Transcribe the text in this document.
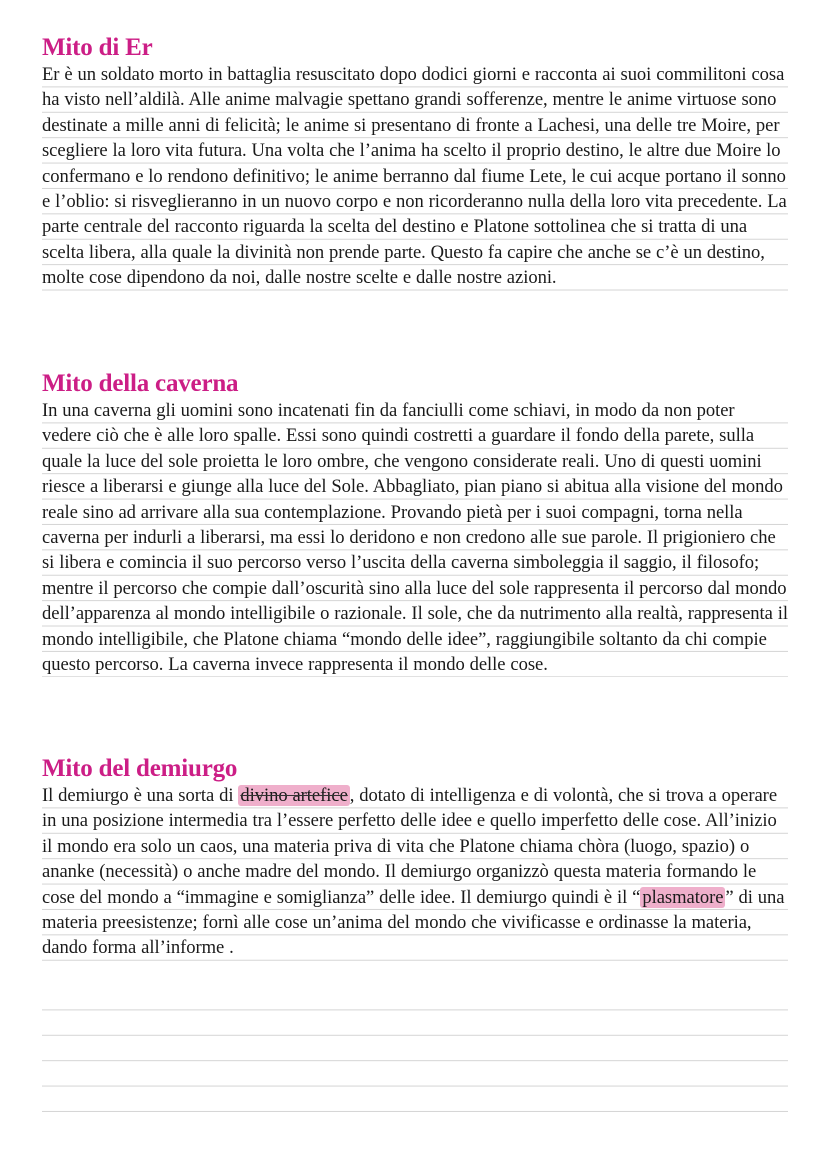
Mito di Er

Er è un soldato morto in battaglia resuscitato dopo dodici giorni e racconta ai suoi commilitoni cosa ha visto nell’aldilà. Alle anime malvagie spettano grandi sofferenze, mentre le anime virtuose sono destinate a mille anni di felicità; le anime si presentano di fronte a Lachesi, una delle tre Moire, per scegliere la loro vita futura. Una volta che l’anima ha scelto il proprio destino, le altre due Moire lo confermano e lo rendono definitivo; le anime berranno dal fiume Lete, le cui acque portano il sonno e l’oblio: si risveglieranno in un nuovo corpo e non ricorderanno nulla della loro vita precedente. La parte centrale del racconto riguarda la scelta del destino e Platone sottolinea che si tratta di una scelta libera, alla quale la divinità non prende parte. Questo fa capire che anche se c’è un destino, molte cose dipendono da noi, dalle nostre scelte e dalle nostre azioni.

Mito della caverna

In una caverna gli uomini sono incatenati fin da fanciulli come schiavi, in modo da non poter vedere ciò che è alle loro spalle. Essi sono quindi costretti a guardare il fondo della parete, sulla quale la luce del sole proietta le loro ombre, che vengono considerate reali. Uno di questi uomini riesce a liberarsi e giunge alla luce del Sole. Abbagliato, pian piano si abitua alla visione del mondo reale sino ad arrivare alla sua contemplazione. Provando pietà per i suoi compagni, torna nella caverna per indurli a liberarsi, ma essi lo deridono e non credono alle sue parole. Il prigioniero che si libera e comincia il suo percorso verso l’uscita della caverna simboleggia il saggio, il filosofo; mentre il percorso che compie dall’oscurità sino alla luce del sole rappresenta il percorso dal mondo dell’apparenza al mondo intelligibile o razionale. Il sole, che da nutrimento alla realtà, rappresenta il mondo intelligibile, che Platone chiama “mondo delle idee”, raggiungibile soltanto da chi compie questo percorso. La caverna invece rappresenta il mondo delle cose.

Mito del demiurgo

Il demiurgo è una sorta di divino artefice , dotato di intelligenza e di volontà, che si trova a operare in una posizione intermedia tra l’essere perfetto delle idee e quello imperfetto delle cose. All’inizio il mondo era solo un caos, una materia priva di vita che Platone chiama chòra (luogo, spazio) o ananke (necessità) o anche madre del mondo. Il demiurgo organizzò questa materia formando le cose del mondo a “immagine e somiglianza” delle idee. Il demiurgo quindi è il “ plasmatore ” di una materia preesistenze; fornì alle cose un’anima del mondo che vivificasse e ordinasse la materia, dando forma all’informe .
